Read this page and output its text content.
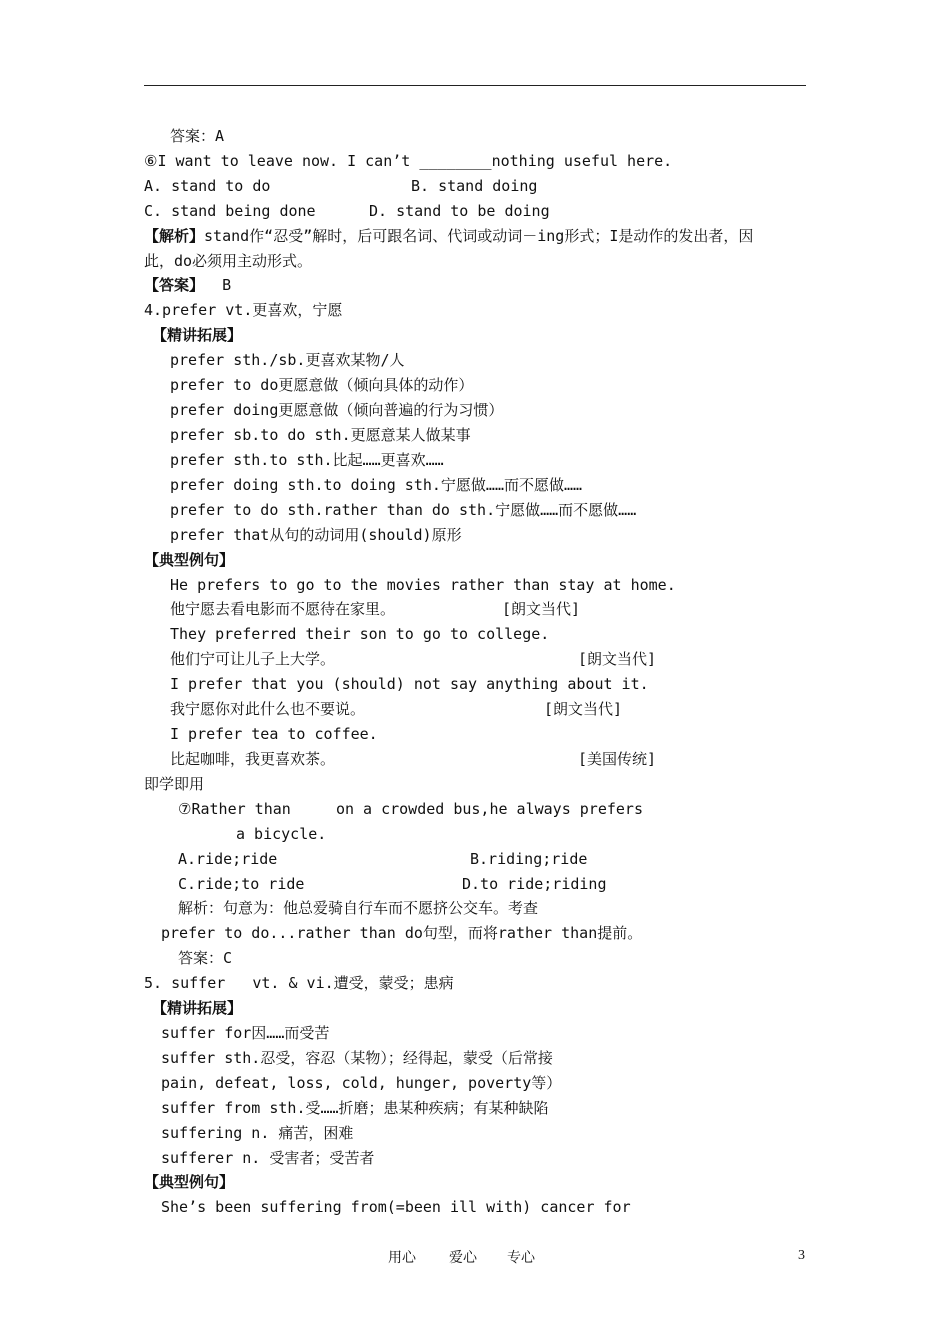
答案：A
⑥I want to leave now. I can’t ________nothing useful here.
A. stand to do	B. stand doing
C. stand being done	D. stand to be doing
【解析】stand作“忍受”解时，后可跟名词、代词或动词－ing形式；I是动作的发出者，因
此，do必须用主动形式。
【答案】  B
4.prefer vt.更喜欢，宁愿
【精讲拓展】
prefer sth./sb.更喜欢某物/人
prefer to do更愿意做（倾向具体的动作）
prefer doing更愿意做（倾向普遍的行为习惯）
prefer sb.to do sth.更愿意某人做某事
prefer sth.to sth.比起……更喜欢……
prefer doing sth.to doing sth.宁愿做……而不愿做……
prefer to do sth.rather than do sth.宁愿做……而不愿做……
prefer that从句的动词用(should)原形
【典型例句】
He prefers to go to the movies rather than stay at home.
他宁愿去看电影而不愿待在家里。	[朗文当代]
They preferred their son to go to college.
他们宁可让儿子上大学。	[朗文当代]
I prefer that you (should) not say anything about it.
我宁愿你对此什么也不要说。	[朗文当代]
I prefer tea to coffee.
比起咖啡，我更喜欢茶。	[美国传统]
即学即用
⑦Rather than     on a crowded bus,he always prefers
a bicycle.
A.ride;ride	B.riding;ride
C.ride;to ride	D.to ride;riding
解析：句意为：他总爱骑自行车而不愿挤公交车。考查
prefer to do...rather than do句型，而将rather than提前。
答案：C
5. suffer   vt. & vi.遭受，蒙受；患病
【精讲拓展】
suffer for因……而受苦
suffer sth.忍受，容忍（某物）；经得起，蒙受（后常接
pain, defeat, loss, cold, hunger, poverty等）
suffer from sth.受……折磨；患某种疾病；有某种缺陷
suffering n. 痛苦，困难
sufferer n. 受害者；受苦者
【典型例句】
She’s been suffering from(=been ill with) cancer for
用心 爱心 专心	3
